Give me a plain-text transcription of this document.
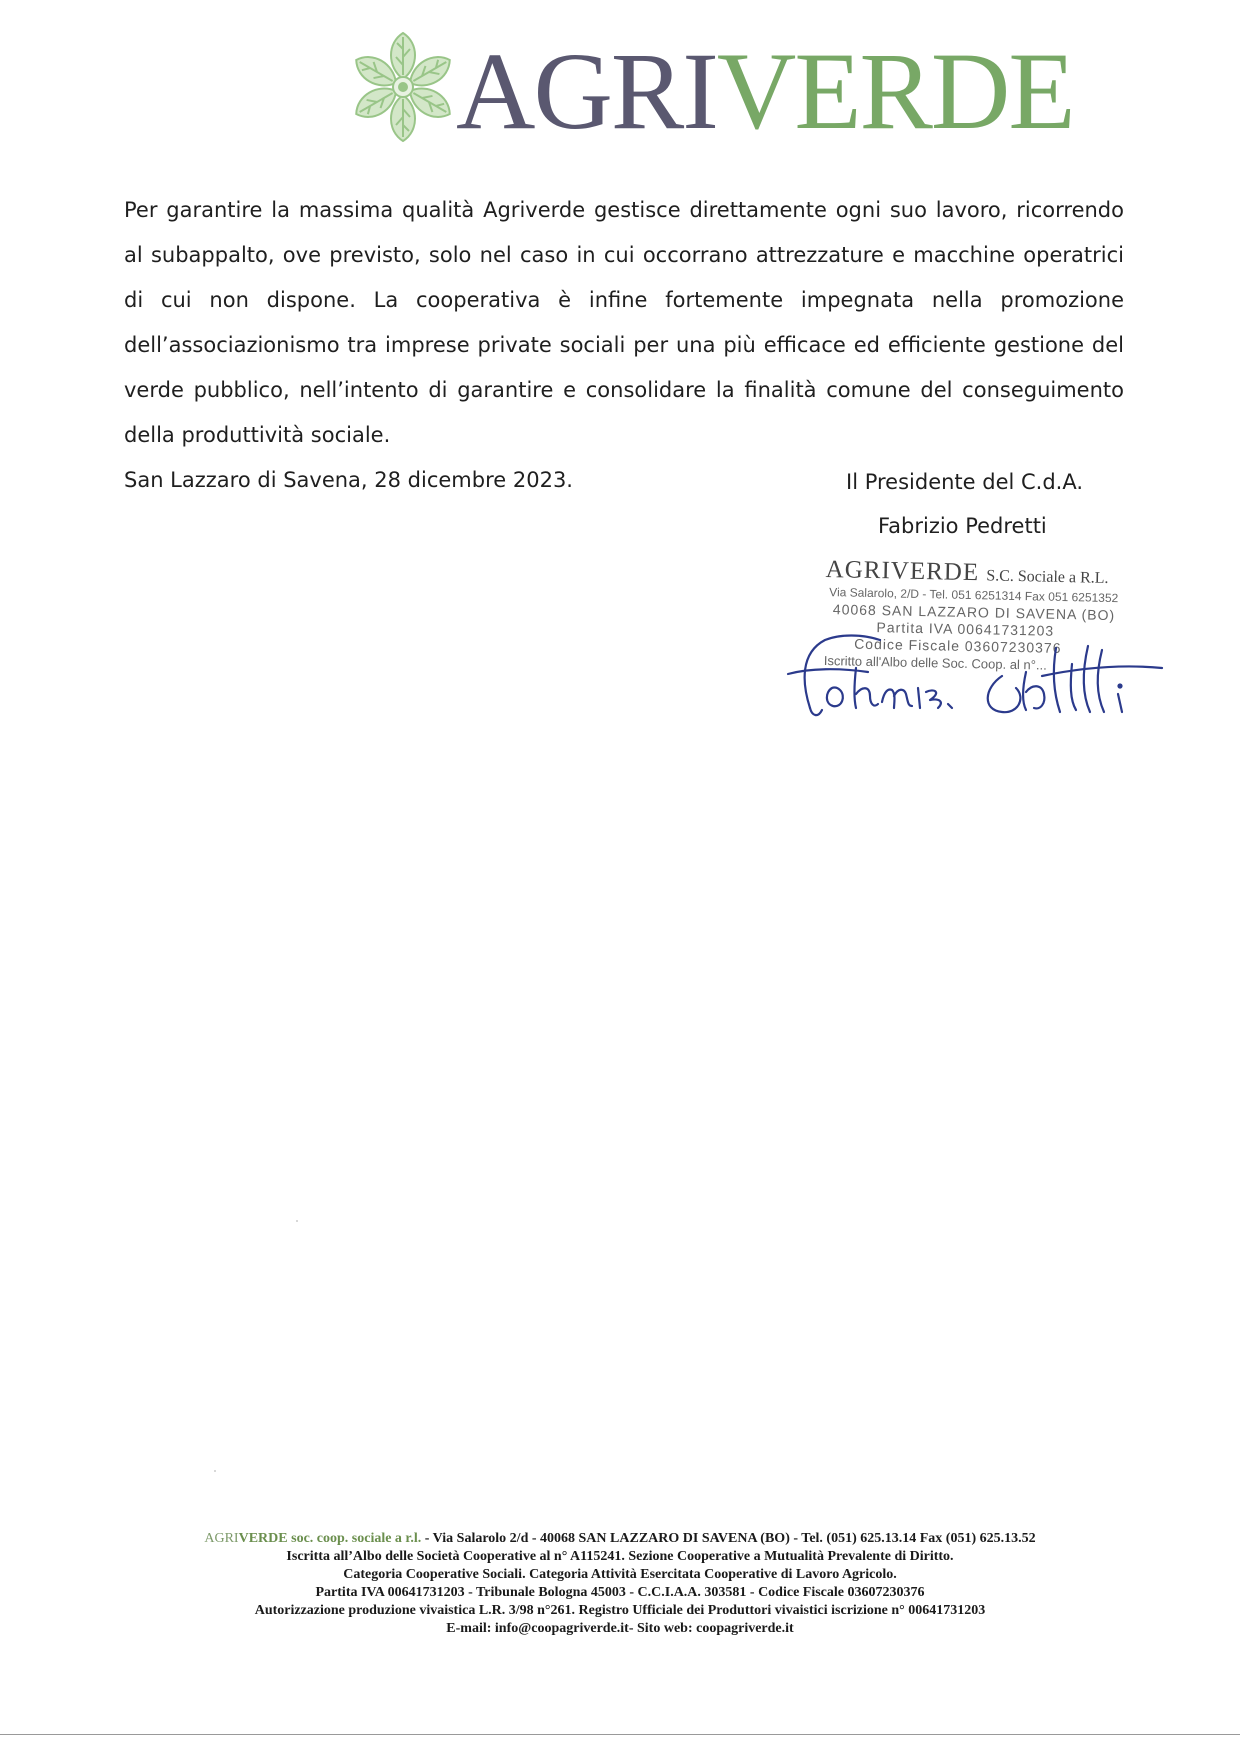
AGRIVERDE

Per garantire la massima qualità Agriverde gestisce direttamente ogni suo lavoro, ricorrendo al subappalto, ove previsto, solo nel caso in cui occorrano attrezzature e macchine operatrici di cui non dispone. La cooperativa è infine fortemente impegnata nella promozione dell’associazionismo tra imprese private sociali per una più efficace ed efficiente gestione del verde pubblico, nell’intento di garantire e consolidare la finalità comune del conseguimento della produttività sociale.

San Lazzaro di Savena, 28 dicembre 2023.	Il Presidente del C.d.A.
Fabrizio Pedretti
AGRIVERDE S.C. Sociale a R.L.
Via Salarolo, 2/D - Tel. 051 6251314 Fax 051 6251352
40068 SAN LAZZARO DI SAVENA (BO)
Partita IVA 00641731203
Codice Fiscale 03607230376
Iscritto all'Albo delle Soc. Coop. al n°...
AGRIVERDE soc. coop. sociale a r.l. - Via Salarolo 2/d - 40068 SAN LAZZARO DI SAVENA (BO) - Tel. (051) 625.13.14 Fax (051) 625.13.52
Iscritta all’Albo delle Società Cooperative al n° A115241. Sezione Cooperative a Mutualità Prevalente di Diritto.
Categoria Cooperative Sociali. Categoria Attività Esercitata Cooperative di Lavoro Agricolo.
Partita IVA 00641731203 - Tribunale Bologna 45003 - C.C.I.A.A. 303581 - Codice Fiscale 03607230376
Autorizzazione produzione vivaistica L.R. 3/98 n°261. Registro Ufficiale dei Produttori vivaistici iscrizione n° 00641731203
E-mail: info@coopagriverde.it- Sito web: coopagriverde.it
